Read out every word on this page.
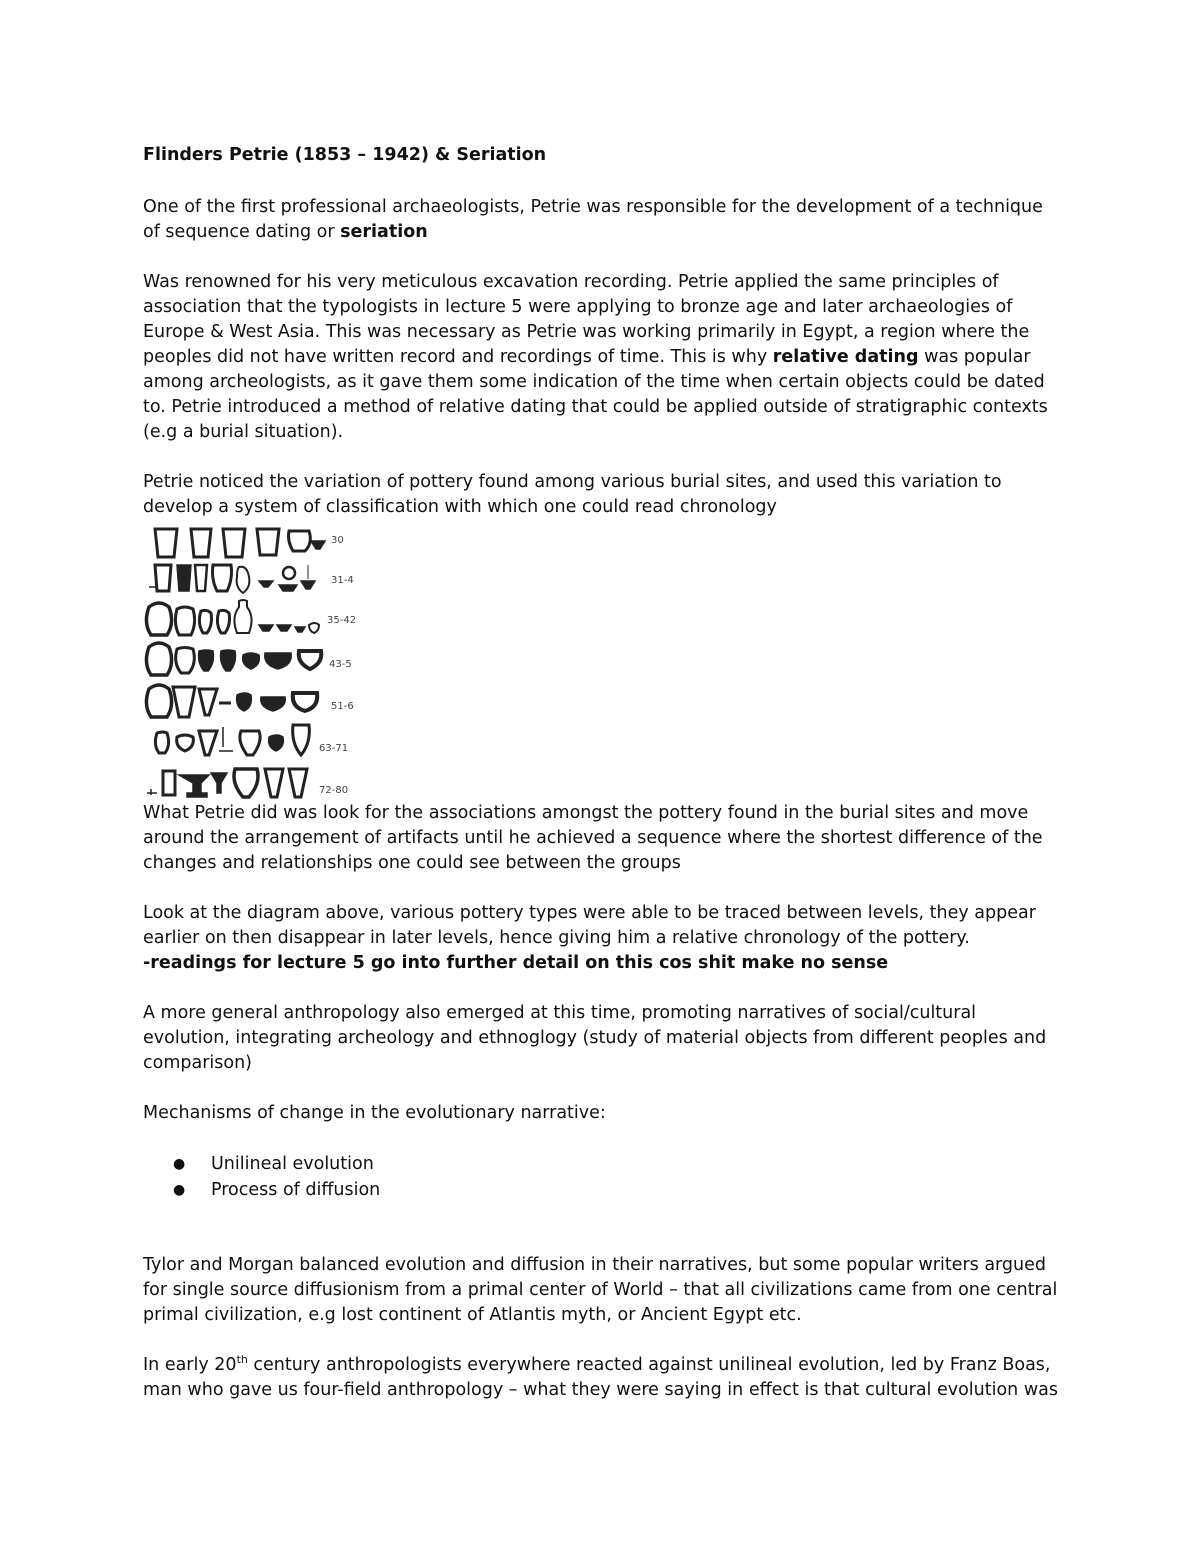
Flinders Petrie (1853 – 1942) & Seriation

One of the first professional archaeologists, Petrie was responsible for the development of a technique of sequence dating or seriation

Was renowned for his very meticulous excavation recording. Petrie applied the same principles of association that the typologists in lecture 5 were applying to bronze age and later archaeologies of Europe & West Asia. This was necessary as Petrie was working primarily in Egypt, a region where the peoples did not have written record and recordings of time. This is why relative dating was popular among archeologists, as it gave them some indication of the time when certain objects could be dated to. Petrie introduced a method of relative dating that could be applied outside of stratigraphic contexts (e.g a burial situation).

Petrie noticed the variation of pottery found among various burial sites, and used this variation to develop a system of classification with which one could read chronology

30
31-4
35-42
43-5
51-6
63-71
72-80

What Petrie did was look for the associations amongst the pottery found in the burial sites and move around the arrangement of artifacts until he achieved a sequence where the shortest difference of the changes and relationships one could see between the groups

Look at the diagram above, various pottery types were able to be traced between levels, they appear earlier on then disappear in later levels, hence giving him a relative chronology of the pottery.
-readings for lecture 5 go into further detail on this cos shit make no sense

A more general anthropology also emerged at this time, promoting narratives of social/cultural evolution, integrating archeology and ethnoglogy (study of material objects from different peoples and comparison)

Mechanisms of change in the evolutionary narrative:

● Unilineal evolution
● Process of diffusion

Tylor and Morgan balanced evolution and diffusion in their narratives, but some popular writers argued for single source diffusionism from a primal center of World – that all civilizations came from one central primal civilization, e.g lost continent of Atlantis myth, or Ancient Egypt etc.

In early 20th century anthropologists everywhere reacted against unilineal evolution, led by Franz Boas, man who gave us four-field anthropology – what they were saying in effect is that cultural evolution was
